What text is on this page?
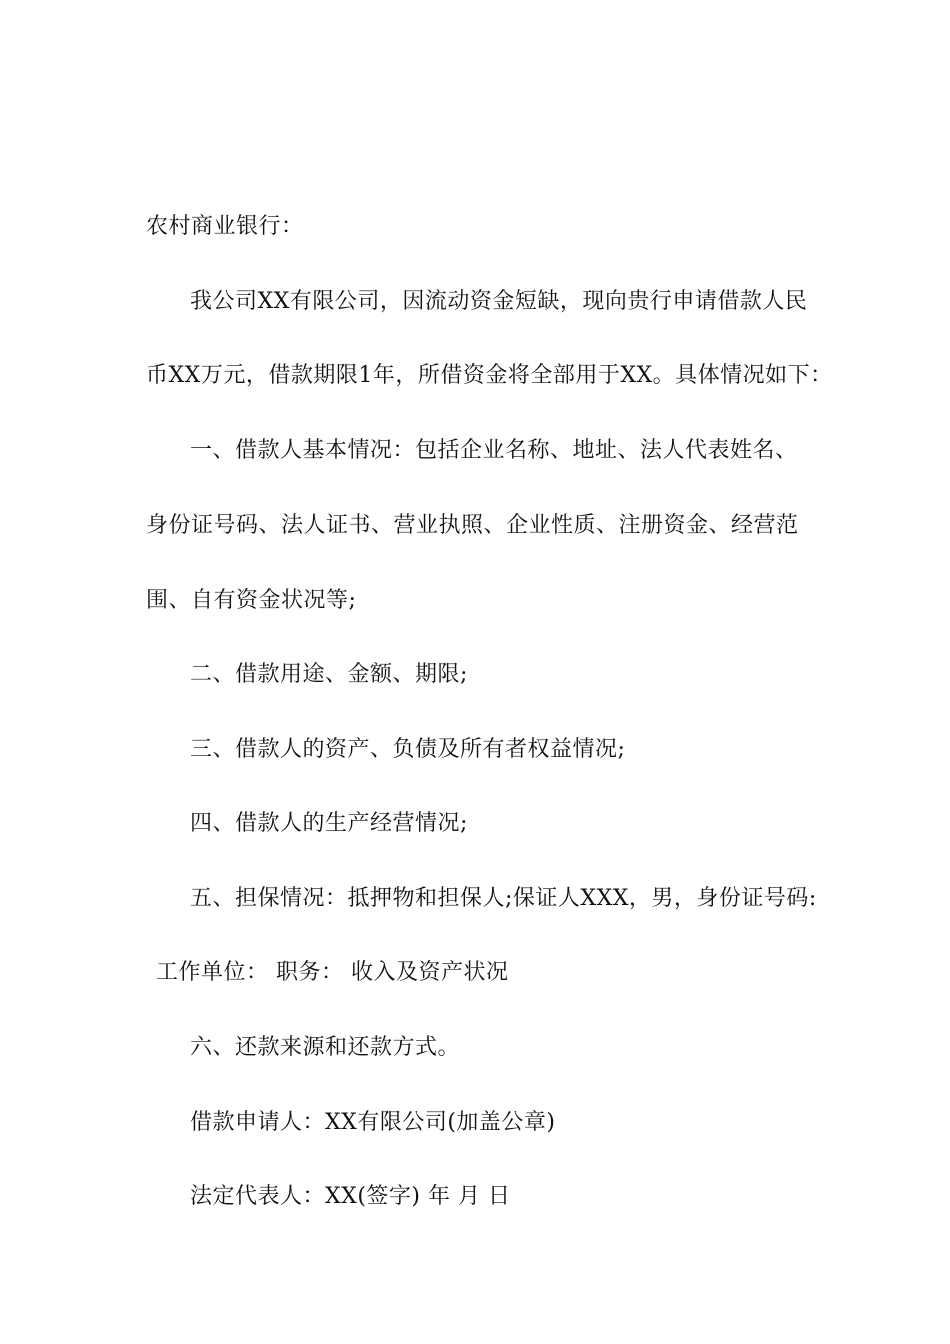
农村商业银行：
我公司XX有限公司，因流动资金短缺，现向贵行申请借款人民
币XX万元，借款期限1年，所借资金将全部用于XX。具体情况如下：
一、借款人基本情况：包括企业名称、地址、法人代表姓名、
身份证号码、法人证书、营业执照、企业性质、注册资金、经营范
围、自有资金状况等;
二、借款用途、金额、期限;
三、借款人的资产、负债及所有者权益情况;
四、借款人的生产经营情况;
五、担保情况：抵押物和担保人;保证人XXX，男，身份证号码:
工作单位： 职务： 收入及资产状况
六、还款来源和还款方式。
借款申请人：XX有限公司(加盖公章)
法定代表人：XX(签字) 年 月 日
